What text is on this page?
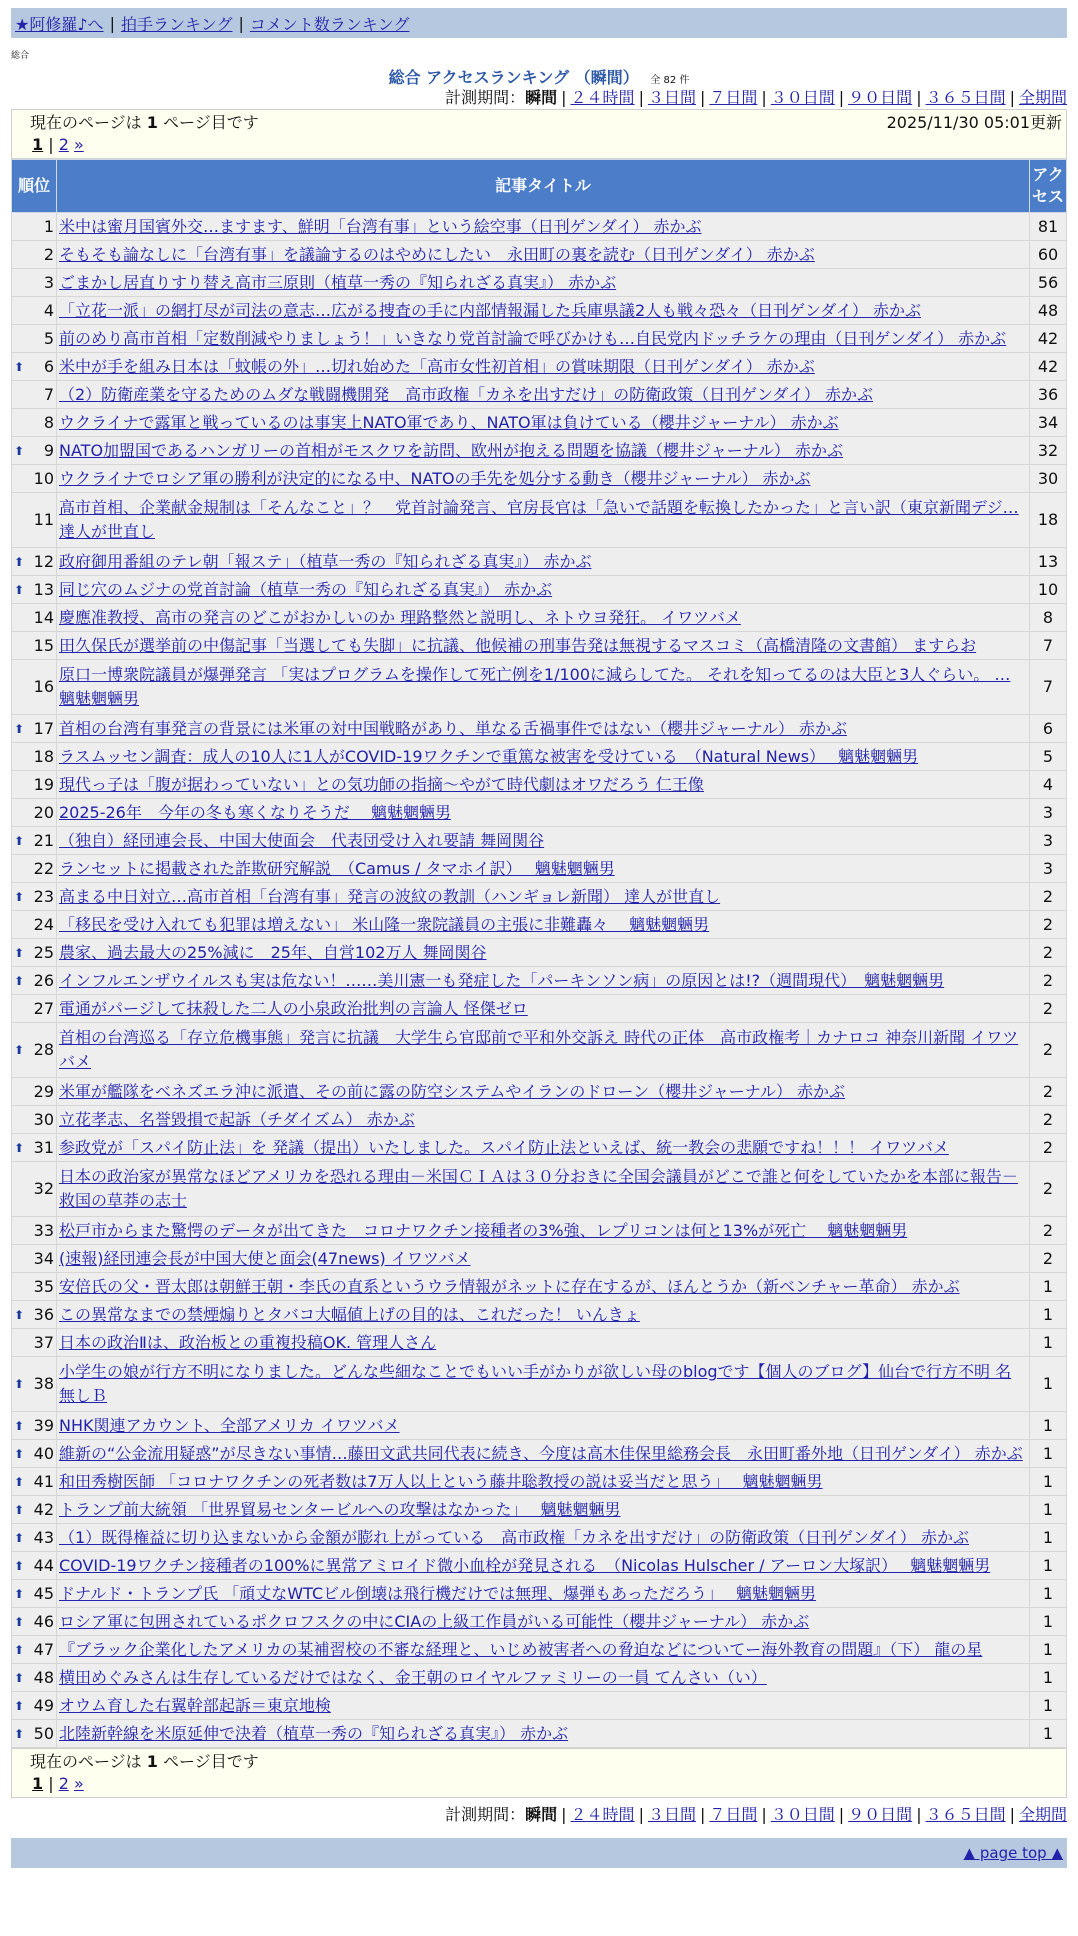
★阿修羅♪へ | 拍手ランキング | コメント数ランキング
総合
総合 アクセスランキング （瞬間） 全 82 件
計測期間：瞬間 | ２４時間 | ３日間 | ７日間 | ３０日間 | ９０日間 | ３６５日間 | 全期間
現在のページは 1 ページ目です	2025/11/30 05:01更新
1 | 2 »
順位	記事タイトル	アクセス
1	米中は蜜月国賓外交…ますます、鮮明「台湾有事」という絵空事（日刊ゲンダイ） 赤かぶ	81
2	そもそも論なしに「台湾有事」を議論するのはやめにしたい　永田町の裏を読む（日刊ゲンダイ） 赤かぶ	60
3	ごまかし居直りすり替え高市三原則（植草一秀の『知られざる真実』） 赤かぶ	56
4	「立花一派」の網打尽が司法の意志…広がる捜査の手に内部情報漏した兵庫県議2人も戦々恐々（日刊ゲンダイ） 赤かぶ	48
5	前のめり高市首相「定数削減やりましょう！」いきなり党首討論で呼びかけも…自民党内ドッチラケの理由（日刊ゲンダイ） 赤かぶ	42

⬆ 6	米中が手を組み日本は「蚊帳の外」…切れ始めた「高市女性初首相」の賞味期限（日刊ゲンダイ） 赤かぶ	42
7	（2）防衛産業を守るためのムダな戦闘機開発　高市政権「カネを出すだけ」の防衛政策（日刊ゲンダイ） 赤かぶ	36
8	ウクライナで露軍と戦っているのは事実上NATO軍であり、NATO軍は負けている（櫻井ジャーナル） 赤かぶ	34

⬆ 9	NATO加盟国であるハンガリーの首相がモスクワを訪問、欧州が抱える問題を協議（櫻井ジャーナル） 赤かぶ	32
10	ウクライナでロシア軍の勝利が決定的になる中、NATOの手先を処分する動き（櫻井ジャーナル） 赤かぶ	30
11	高市首相、企業献金規制は「そんなこと」？　党首討論発言、官房長官は「急いで話題を転換したかった」と言い訳（東京新聞デジ… 達人が世直し	18

⬆ 12	政府御用番組のテレ朝「報ステ」（植草一秀の『知られざる真実』） 赤かぶ	13

⬆ 13	同じ穴のムジナの党首討論（植草一秀の『知られざる真実』） 赤かぶ	10
14	慶應准教授、高市の発言のどこがおかしいのか 理路整然と説明し、ネトウヨ発狂。 イワツバメ	8
15	田久保氏が選挙前の中傷記事「当選しても失脚」に抗議、他候補の刑事告発は無視するマスコミ（高橋清隆の文書館） ますらお	7
16	原口一博衆院議員が爆弾発言 「実はプログラムを操作して死亡例を1/100に減らしてた。 それを知ってるのは大臣と3人ぐらい。 … 魑魅魍魎男	7

⬆ 17	首相の台湾有事発言の背景には米軍の対中国戦略があり、単なる舌禍事件ではない（櫻井ジャーナル） 赤かぶ	6
18	ラスムッセン調査：成人の10人に1人がCOVID-19ワクチンで重篤な被害を受けている　（Natural News）　 魑魅魍魎男	5
19	現代っ子は「腹が据わっていない」との気功師の指摘～やがて時代劇はオワだろう 仁王像	4
20	2025-26年　今年の冬も寒くなりそうだ　 魑魅魍魎男	3

⬆ 21	（独自）経団連会長、中国大使面会　代表団受け入れ要請 舞岡関谷	3
22	ランセットに掲載された詐欺研究解説　（Camus / タマホイ訳）　 魑魅魍魎男	3

⬆ 23	高まる中日対立…高市首相「台湾有事」発言の波紋の教訓（ハンギョレ新聞） 達人が世直し	2
24	「移民を受け入れても犯罪は増えない」 米山隆一衆院議員の主張に非難轟々　 魑魅魍魎男	2

⬆ 25	農家、過去最大の25%減に　25年、自営102万人 舞岡関谷	2

⬆ 26	インフルエンザウイルスも実は危ない！……美川憲一も発症した「パーキンソン病」の原因とは!?（週間現代）　魑魅魍魎男	2
27	電通がパージして抹殺した二人の小泉政治批判の言論人 怪傑ゼロ	2

⬆ 28	首相の台湾巡る「存立危機事態」発言に抗議　大学生ら官邸前で平和外交訴え 時代の正体　高市政権考｜カナロコ 神奈川新聞 イワツバメ	2
29	米軍が艦隊をベネズエラ沖に派遣、その前に露の防空システムやイランのドローン（櫻井ジャーナル） 赤かぶ	2
30	立花孝志、名誉毀損で起訴（チダイズム） 赤かぶ	2

⬆ 31	参政党が「スパイ防止法」を 発議（提出）いたしました。スパイ防止法といえば、統一教会の悲願ですね！！！ イワツバメ	2
32	日本の政治家が異常なほどアメリカを恐れる理由－米国ＣＩＡは３０分おきに全国会議員がどこで誰と何をしていたかを本部に報告－ 救国の草莽の志士	2
33	松戸市からまた驚愕のデータが出てきた　コロナワクチン接種者の3%強、レプリコンは何と13%が死亡　 魑魅魍魎男	2
34	(速報)経団連会長が中国大使と面会(47news) イワツバメ	2
35	安倍氏の父・晋太郎は朝鮮王朝・李氏の直系というウラ情報がネットに存在するが、ほんとうか（新ベンチャー革命） 赤かぶ	1

⬆ 36	この異常なまでの禁煙煽りとタバコ大幅値上げの目的は、これだった！ いんきょ	1
37	日本の政治Ⅱは、政治板との重複投稿OK. 管理人さん	1

⬆ 38	小学生の娘が行方不明になりました。どんな些細なことでもいい手がかりが欲しい母のblogです【個人のブログ】仙台で行方不明 名無しＢ	1

⬆ 39	NHK関連アカウント、全部アメリカ イワツバメ	1

⬆ 40	維新の“公金流用疑惑”が尽きない事情…藤田文武共同代表に続き、今度は高木佳保里総務会長　永田町番外地（日刊ゲンダイ） 赤かぶ	1

⬆ 41	和田秀樹医師 「コロナワクチンの死者数は7万人以上という藤井聡教授の説は妥当だと思う」　 魑魅魍魎男	1

⬆ 42	トランプ前大統領 「世界貿易センタービルへの攻撃はなかった」　 魑魅魍魎男	1

⬆ 43	（1）既得権益に切り込まないから金額が膨れ上がっている　高市政権「カネを出すだけ」の防衛政策（日刊ゲンダイ） 赤かぶ	1

⬆ 44	COVID-19ワクチン接種者の100%に異常アミロイド微小血栓が発見される　（Nicolas Hulscher / アーロン大塚訳）　 魑魅魍魎男	1

⬆ 45	ドナルド・トランプ氏 「頑丈なWTCビル倒壊は飛行機だけでは無理、爆弾もあっただろう」　 魑魅魍魎男	1

⬆ 46	ロシア軍に包囲されているポクロフスクの中にCIAの上級工作員がいる可能性（櫻井ジャーナル） 赤かぶ	1

⬆ 47	『ブラック企業化したアメリカの某補習校の不審な経理と、いじめ被害者への脅迫などについてー海外教育の問題』（下） 龍の星	1

⬆ 48	横田めぐみさんは生存しているだけではなく、金王朝のロイヤルファミリーの一員 てんさい（い）	1

⬆ 49	オウム育した右翼幹部起訴＝東京地検	1

⬆ 50	北陸新幹線を米原延伸で決着（植草一秀の『知られざる真実』） 赤かぶ	1
現在のページは 1 ページ目です
1 | 2 »
計測期間：瞬間 | ２４時間 | ３日間 | ７日間 | ３０日間 | ９０日間 | ３６５日間 | 全期間
▲ page top ▲
